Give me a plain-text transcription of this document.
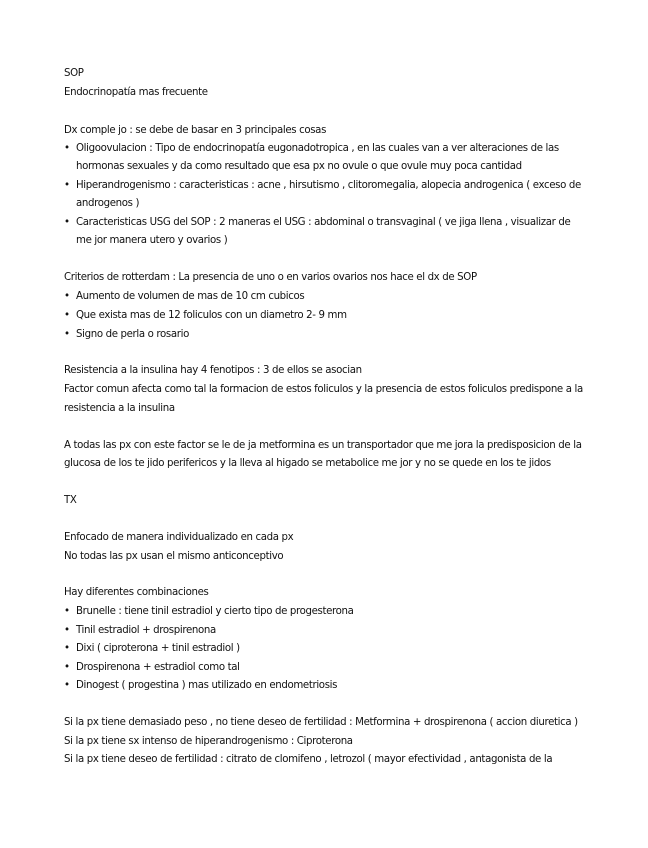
SOP
Endocrinopatía mas frecuente
Dx comple jo : se debe de basar en 3 principales cosas
• Oligoovulacion : Tipo de endocrinopatía eugonadotropica , en las cuales van a ver alteraciones de las
hormonas sexuales y da como resultado que esa px no ovule o que ovule muy poca cantidad
• Hiperandrogenismo : caracteristicas : acne , hirsutismo , clitoromegalia, alopecia androgenica ( exceso de
androgenos )
• Caracteristicas USG del SOP : 2 maneras el USG : abdominal o transvaginal ( ve jiga llena , visualizar de
me jor manera utero y ovarios )
Criterios de rotterdam : La presencia de uno o en varios ovarios nos hace el dx de SOP
• Aumento de volumen de mas de 10 cm cubicos
• Que exista mas de 12 foliculos con un diametro 2- 9 mm
• Signo de perla o rosario
Resistencia a la insulina hay 4 fenotipos : 3 de ellos se asocian
Factor comun afecta como tal la formacion de estos foliculos y la presencia de estos foliculos predispone a la
resistencia a la insulina
A todas las px con este factor se le de ja metformina es un transportador que me jora la predisposicion de la
glucosa de los te jido perifericos y la lleva al higado se metabolice me jor y no se quede en los te jidos
TX
Enfocado de manera individualizado en cada px
No todas las px usan el mismo anticonceptivo
Hay diferentes combinaciones
• Brunelle : tiene tinil estradiol y cierto tipo de progesterona
• Tinil estradiol + drospirenona
• Dixi ( ciproterona + tinil estradiol )
• Drospirenona + estradiol como tal
• Dinogest ( progestina ) mas utilizado en endometriosis
Si la px tiene demasiado peso , no tiene deseo de fertilidad : Metformina + drospirenona ( accion diuretica )
Si la px tiene sx intenso de hiperandrogenismo : Ciproterona
Si la px tiene deseo de fertilidad : citrato de clomifeno , letrozol ( mayor efectividad , antagonista de la
